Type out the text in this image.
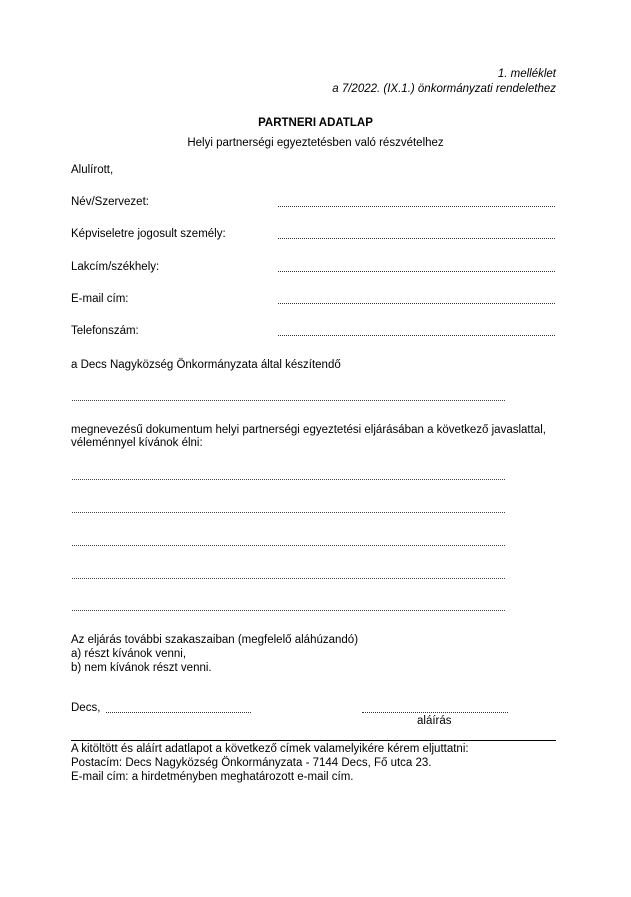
1. melléklet
a 7/2022. (IX.1.) önkormányzati rendelethez
PARTNERI ADATLAP
Helyi partnerségi egyeztetésben való részvételhez
Alulírott,
Név/Szervezet:
Képviseletre jogosult személy:
Lakcím/székhely:
E-mail cím:
Telefonszám:
a Decs Nagyközség Önkormányzata által készítendő
megnevezésű dokumentum helyi partnerségi egyeztetési eljárásában a következő javaslattal,
véleménnyel kívánok élni:
Az eljárás további szakaszaiban (megfelelő aláhúzandó)
a) részt kívánok venni,
b) nem kívánok részt venni.
Decs,
aláírás
A kitöltött és aláírt adatlapot a következő címek valamelyikére kérem eljuttatni:
Postacím: Decs Nagyközség Önkormányzata - 7144 Decs, Fő utca 23.
E-mail cím: a hirdetményben meghatározott e-mail cím.
